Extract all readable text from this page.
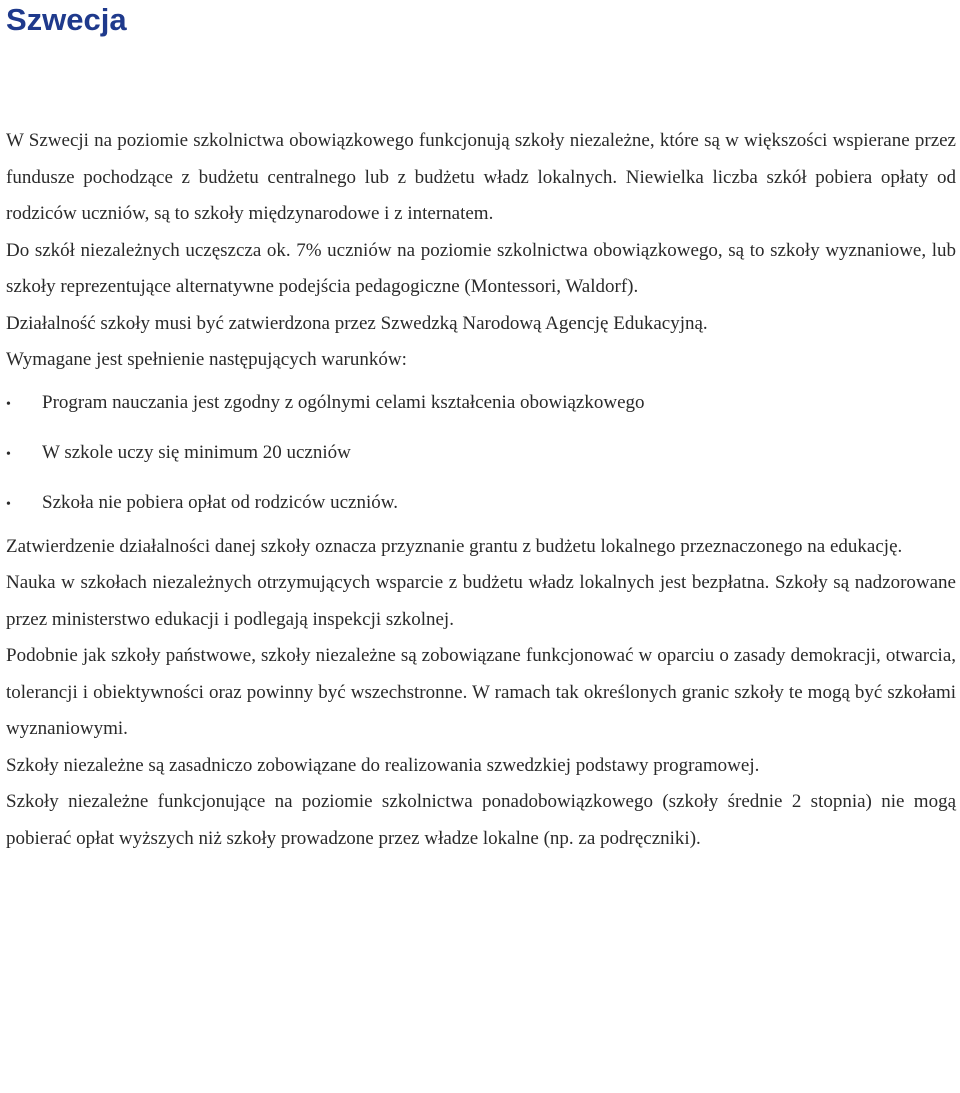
Szwecja

W Szwecji na poziomie szkolnictwa obowiązkowego funkcjonują szkoły niezależne, które są w większości wspierane przez fundusze pochodzące z budżetu centralnego lub z budżetu władz lokalnych. Niewielka liczba szkół pobiera opłaty od rodziców uczniów, są to szkoły międzynarodowe i z internatem.

Do szkół niezależnych uczęszcza ok. 7% uczniów na poziomie szkolnictwa obowiązkowego, są to szkoły wyznaniowe, lub szkoły reprezentujące alternatywne podejścia pedagogiczne (Montessori, Waldorf).

Działalność szkoły musi być zatwierdzona przez Szwedzką Narodową Agencję Edukacyjną.

Wymagane jest spełnienie następujących warunków:

•	Program nauczania jest zgodny z ogólnymi celami kształcenia obowiązkowego
•	W szkole uczy się minimum 20 uczniów
•	Szkoła nie pobiera opłat od rodziców uczniów.

Zatwierdzenie działalności danej szkoły oznacza przyznanie grantu z budżetu lokalnego przeznaczonego na edukację.

Nauka w szkołach niezależnych otrzymujących wsparcie z budżetu władz lokalnych jest bezpłatna. Szkoły są nadzorowane przez ministerstwo edukacji i podlegają inspekcji szkolnej.

Podobnie jak szkoły państwowe, szkoły niezależne są zobowiązane funkcjonować w oparciu o zasady demokracji, otwarcia, tolerancji i obiektywności oraz powinny być wszechstronne. W ramach tak określonych granic szkoły te mogą być szkołami wyznaniowymi.

Szkoły niezależne są zasadniczo zobowiązane do realizowania szwedzkiej podstawy programowej.

Szkoły niezależne funkcjonujące na poziomie szkolnictwa ponadobowiązkowego (szkoły średnie 2 stopnia) nie mogą pobierać opłat wyższych niż szkoły prowadzone przez władze lokalne (np. za podręczniki).
